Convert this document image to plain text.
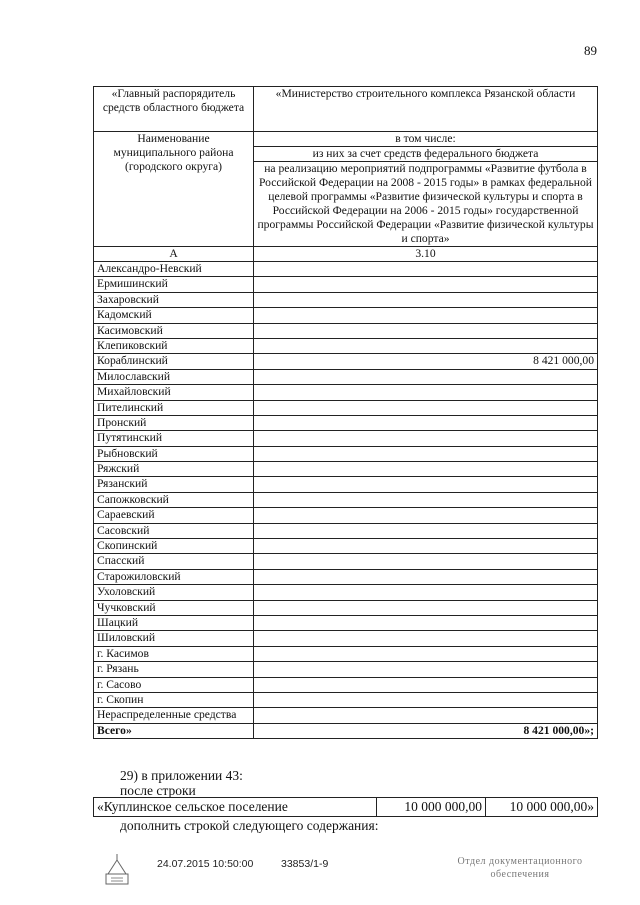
89
«Главный распорядитель средств областного бюджета	«Министерство строительного комплекса Рязанской области
Наименование муниципального района (городского округа)	в том числе:
	из них за счет средств федерального бюджета
	на реализацию мероприятий подпрограммы «Развитие футбола в Российской Федерации на 2008 - 2015 годы» в рамках федеральной целевой программы «Развитие физической культуры и спорта в Российской Федерации на 2006 - 2015 годы» государственной программы Российской Федерации «Развитие физической культуры и спорта»
А	3.10
Александро-Невский	
Ермишинский	
Захаровский	
Кадомский	
Касимовский	
Клепиковский	
Кораблинский	8 421 000,00
Милославский	
Михайловский	
Пителинский	
Пронский	
Путятинский	
Рыбновский	
Ряжский	
Рязанский	
Сапожковский	
Сараевский	
Сасовский	
Скопинский	
Спасский	
Старожиловский	
Ухоловский	
Чучковский	
Шацкий	
Шиловский	
г. Касимов	
г. Рязань	
г. Сасово	
г. Скопин	
Нераспределенные средства	
Всего»	8 421 000,00»;
29) в приложении 43:
после строки
«Куплинское сельское поселение	10 000 000,00	10 000 000,00»
дополнить строкой следующего содержания:
24.07.2015 10:50:00	33853/1-9	Отдел документационного
обеспечения
